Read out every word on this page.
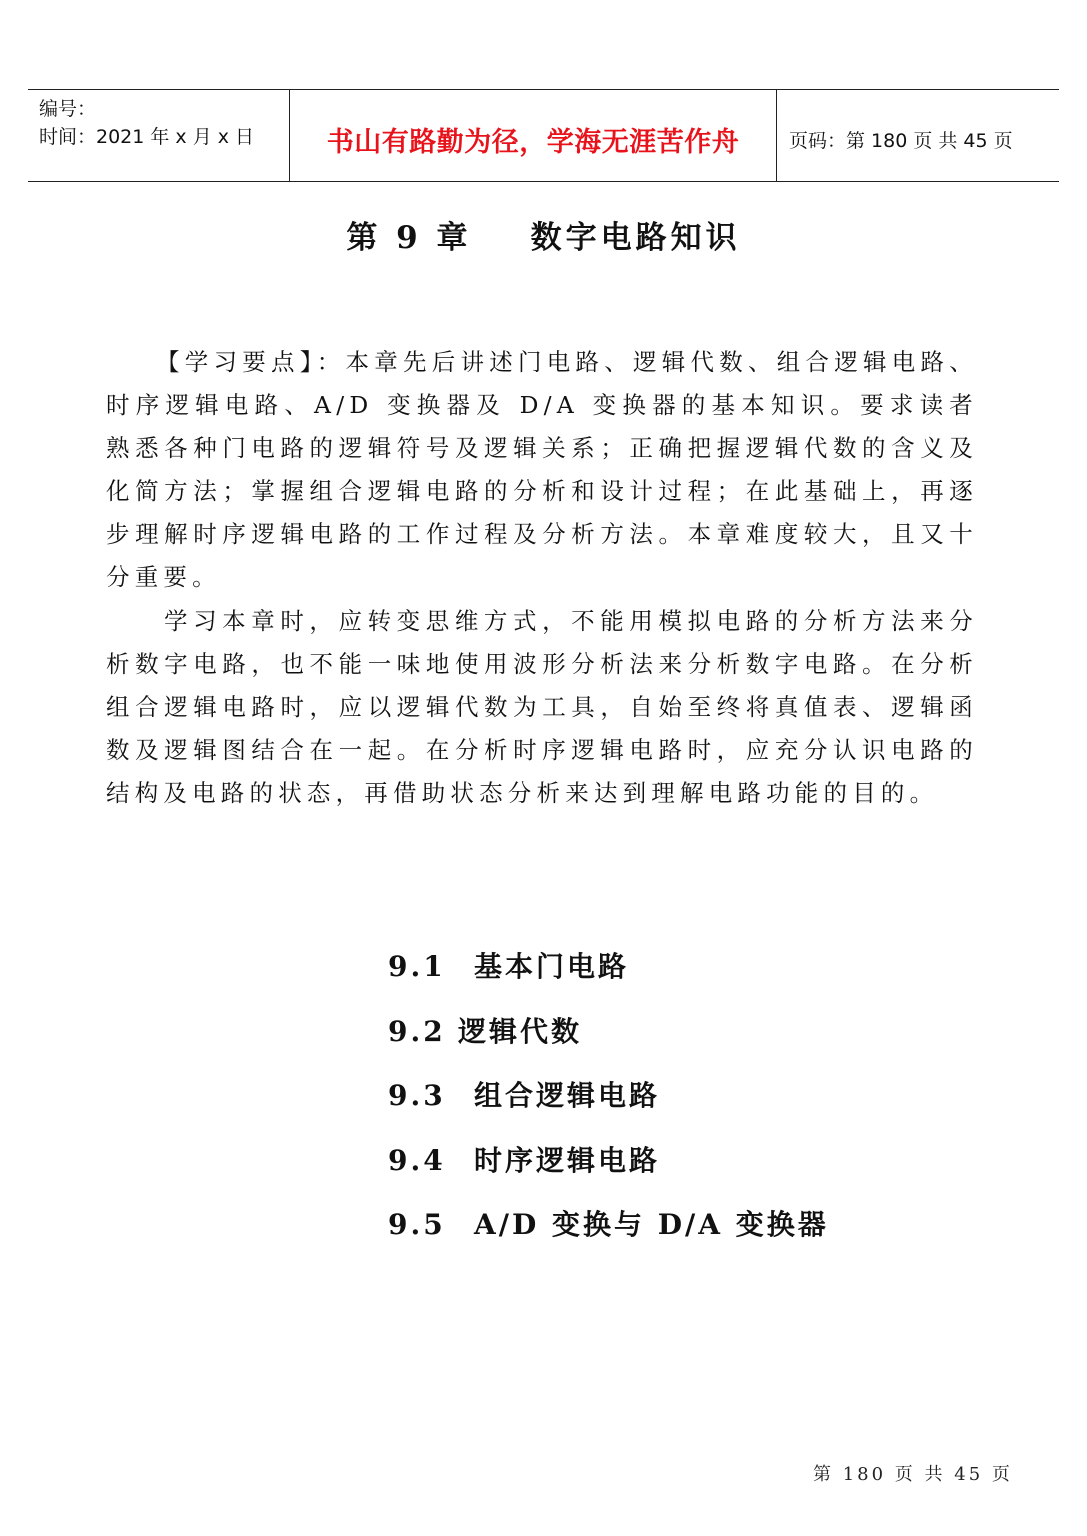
编号：
时间：2021 年 x 月 x 日	书山有路勤为径，学海无涯苦作舟	页码：第 180 页 共 45 页
第 9 章    数字电路知识
【学习要点】：本章先后讲述门电路、逻辑代数、组合逻辑电路、时序逻辑电路、A/D 变换器及 D/A 变换器的基本知识。要求读者熟悉各种门电路的逻辑符号及逻辑关系；正确把握逻辑代数的含义及化简方法；掌握组合逻辑电路的分析和设计过程；在此基础上，再逐步理解时序逻辑电路的工作过程及分析方法。本章难度较大，且又十分重要。
学习本章时，应转变思维方式，不能用模拟电路的分析方法来分析数字电路，也不能一味地使用波形分析法来分析数字电路。在分析组合逻辑电路时，应以逻辑代数为工具，自始至终将真值表、逻辑函数及逻辑图结合在一起。在分析时序逻辑电路时，应充分认识电路的结构及电路的状态，再借助状态分析来达到理解电路功能的目的。

9.1 基本门电路

9.2 逻辑代数

9.3 组合逻辑电路

9.4 时序逻辑电路

9.5 A/D 变换与 D/A 变换器

第 180 页 共 45 页
